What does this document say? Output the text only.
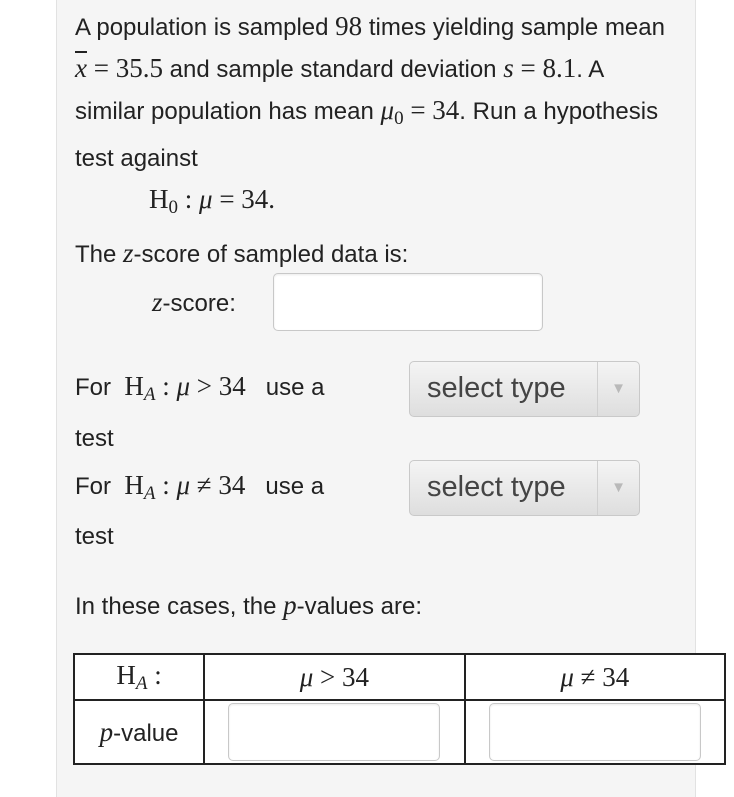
A population is sampled 98 times yielding sample mean $\overline{x} = 35.5$ and sample standard deviation s = 8.1. A similar population has mean $\mu_0 = 34$. Run a hypothesis test against
$H_0$ : μ = 34.
The z-score of sampled data is:
z-score:
For $H_A$ : μ > 34 use a	select type	▼
test
For $H_A$ : μ ≠ 34 use a	select type	▼
test
In these cases, the p-values are:
$H_A$ :	μ > 34	μ ≠ 34
p-value	
